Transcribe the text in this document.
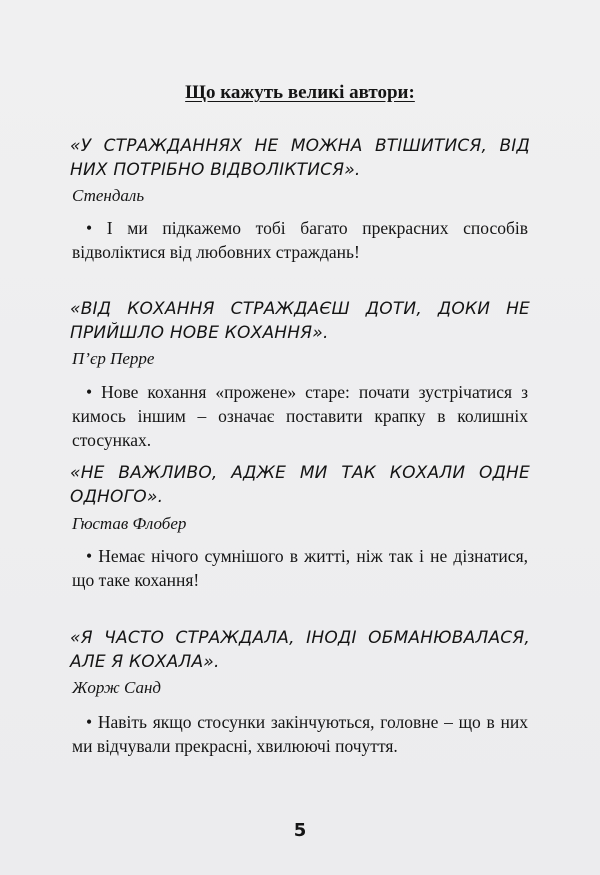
Що кажуть великі автори:
«У СТРАЖДАННЯХ НЕ МОЖНА ВТІШИТИСЯ, ВІД НИХ ПОТРІБНО ВІДВОЛІКТИСЯ».
Стендаль
• І ми підкажемо тобі багато прекрасних способів відволіктися від любовних страждань!
«ВІД КОХАННЯ СТРАЖДАЄШ ДОТИ, ДОКИ НЕ ПРИЙШЛО НОВЕ КОХАННЯ».
П’єр Перре
• Нове кохання «прожене» старе: почати зустрічатися з кимось іншим – означає поставити крапку в колишніх стосунках.
«НЕ ВАЖЛИВО, АДЖЕ МИ ТАК КОХАЛИ ОДНЕ ОДНОГО».
Гюстав Флобер
• Немає нічого сумнішого в житті, ніж так і не дізнатися, що таке кохання!
«Я ЧАСТО СТРАЖДАЛА, ІНОДІ ОБМАНЮВАЛАСЯ, АЛЕ Я КОХАЛА».
Жорж Санд
• Навіть якщо стосунки закінчуються, головне – що в них ми відчували прекрасні, хвилюючі почуття.
5
